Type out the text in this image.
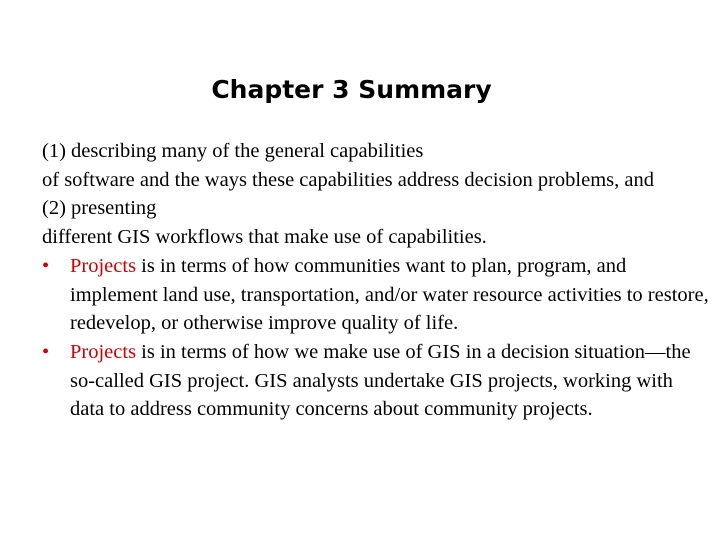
Chapter 3 Summary

(1) describing many of the general capabilities

of software and the ways these capabilities address decision problems, and

(2) presenting

different GIS workflows that make use of capabilities.

•	Projects is in terms of how communities want to plan, program, and implement land use, transportation, and/or water resource activities to restore, redevelop, or otherwise improve quality of life.

•	Projects is in terms of how we make use of GIS in a decision situation—the so-called GIS project. GIS analysts undertake GIS projects, working with data to address community concerns about community projects.
